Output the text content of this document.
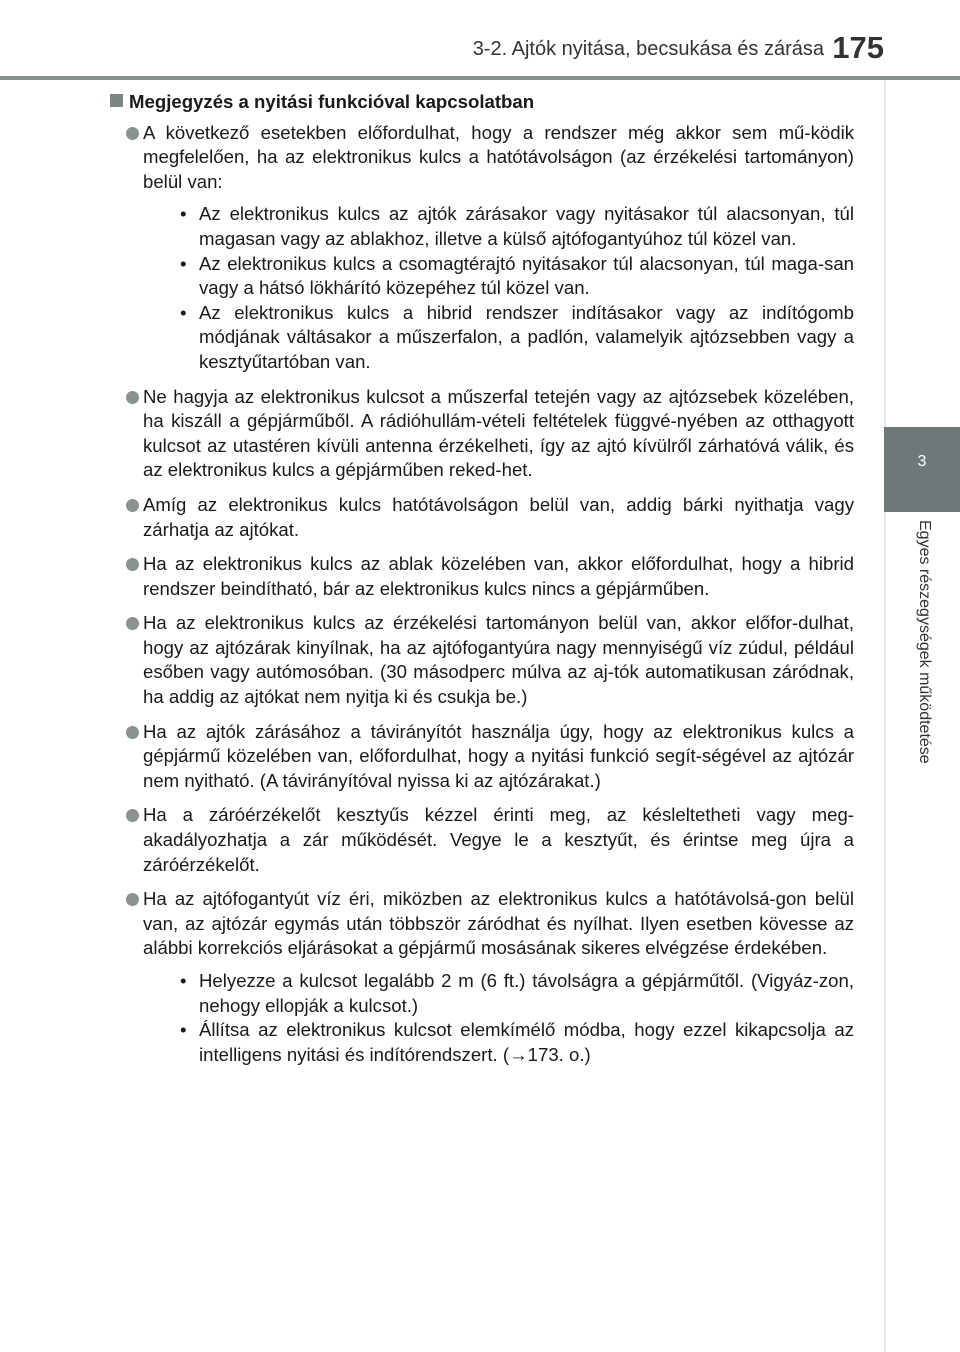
3-2. Ajtók nyitása, becsukása és zárása 175
3
Egyes részegységek működtetése
Megjegyzés a nyitási funkcióval kapcsolatban
A következő esetekben előfordulhat, hogy a rendszer még akkor sem mű-ködik megfelelően, ha az elektronikus kulcs a hatótávolságon (az érzékelési tartományon) belül van:
• Az elektronikus kulcs az ajtók zárásakor vagy nyitásakor túl alacsonyan, túl magasan vagy az ablakhoz, illetve a külső ajtófogantyúhoz túl közel van.
• Az elektronikus kulcs a csomagtérajtó nyitásakor túl alacsonyan, túl maga-san vagy a hátsó lökhárító közepéhez túl közel van.
• Az elektronikus kulcs a hibrid rendszer indításakor vagy az indítógomb módjának váltásakor a műszerfalon, a padlón, valamelyik ajtózsebben vagy a kesztyűtartóban van.
Ne hagyja az elektronikus kulcsot a műszerfal tetején vagy az ajtózsebek közelében, ha kiszáll a gépjárműből. A rádióhullám-vételi feltételek függvé-nyében az otthagyott kulcsot az utastéren kívüli antenna érzékelheti, így az ajtó kívülről zárhatóvá válik, és az elektronikus kulcs a gépjárműben reked-het.
Amíg az elektronikus kulcs hatótávolságon belül van, addig bárki nyithatja vagy zárhatja az ajtókat.
Ha az elektronikus kulcs az ablak közelében van, akkor előfordulhat, hogy a hibrid rendszer beindítható, bár az elektronikus kulcs nincs a gépjárműben.
Ha az elektronikus kulcs az érzékelési tartományon belül van, akkor előfor-dulhat, hogy az ajtózárak kinyílnak, ha az ajtófogantyúra nagy mennyiségű víz zúdul, például esőben vagy autómosóban. (30 másodperc múlva az aj-tók automatikusan záródnak, ha addig az ajtókat nem nyitja ki és csukja be.)
Ha az ajtók zárásához a távirányítót használja úgy, hogy az elektronikus kulcs a gépjármű közelében van, előfordulhat, hogy a nyitási funkció segít-ségével az ajtózár nem nyitható. (A távirányítóval nyissa ki az ajtózárakat.)
Ha a záróérzékelőt kesztyűs kézzel érinti meg, az késleltetheti vagy meg-akadályozhatja a zár működését. Vegye le a kesztyűt, és érintse meg újra a záróérzékelőt.
Ha az ajtófogantyút víz éri, miközben az elektronikus kulcs a hatótávolsá-gon belül van, az ajtózár egymás után többször záródhat és nyílhat. Ilyen esetben kövesse az alábbi korrekciós eljárásokat a gépjármű mosásának sikeres elvégzése érdekében.
• Helyezze a kulcsot legalább 2 m (6 ft.) távolságra a gépjárműtől. (Vigyáz-zon, nehogy ellopják a kulcsot.)
• Állítsa az elektronikus kulcsot elemkímélő módba, hogy ezzel kikapcsolja az intelligens nyitási és indítórendszert. (→173. o.)
